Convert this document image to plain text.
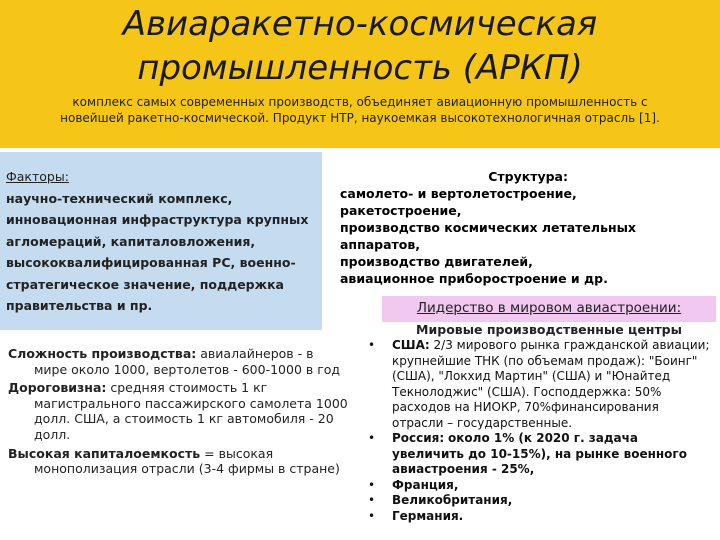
Авиаракетно-космическая промышленность (АРКП)
комплекс самых современных производств, объединяет авиационную промышленность с новейшей ракетно-космической. Продукт НТР, наукоемкая высокотехнологичная отрасль [1].
Факторы:
научно-технический комплекс, инновационная инфраструктура крупных агломераций, капиталовложения, высококвалифицированная РС, военно-стратегическое значение, поддержка правительства и пр.
Структура:
самолето- и вертолетостроение,
ракетостроение,
производство космических летательных аппаратов,
производство двигателей,
авиационное приборостроение и др.
Лидерство в мировом авиастроении:
Мировые производственные центры
• США: 2/3 мирового рынка гражданской авиации; крупнейшие ТНК (по объемам продаж): "Боинг" (США), "Локхид Мартин" (США) и "Юнайтед Текнолоджис" (США). Господдержка: 50% расходов на НИОКР, 70%финансирования отрасли – государственные.
• Россия: около 1% (к 2020 г. задача увеличить до 10-15%), на рынке военного авиастроения - 25%,
• Франция,
• Великобритания,
• Германия.

Сложность производства: авиалайнеров - в мире около 1000, вертолетов - 600-1000 в год

Дороговизна: средняя стоимость 1 кг магистрального пассажирского самолета 1000 долл. США, а стоимость 1 кг автомобиля - 20 долл.

Высокая капиталоемкость = высокая монополизация отрасли (3-4 фирмы в стране)
